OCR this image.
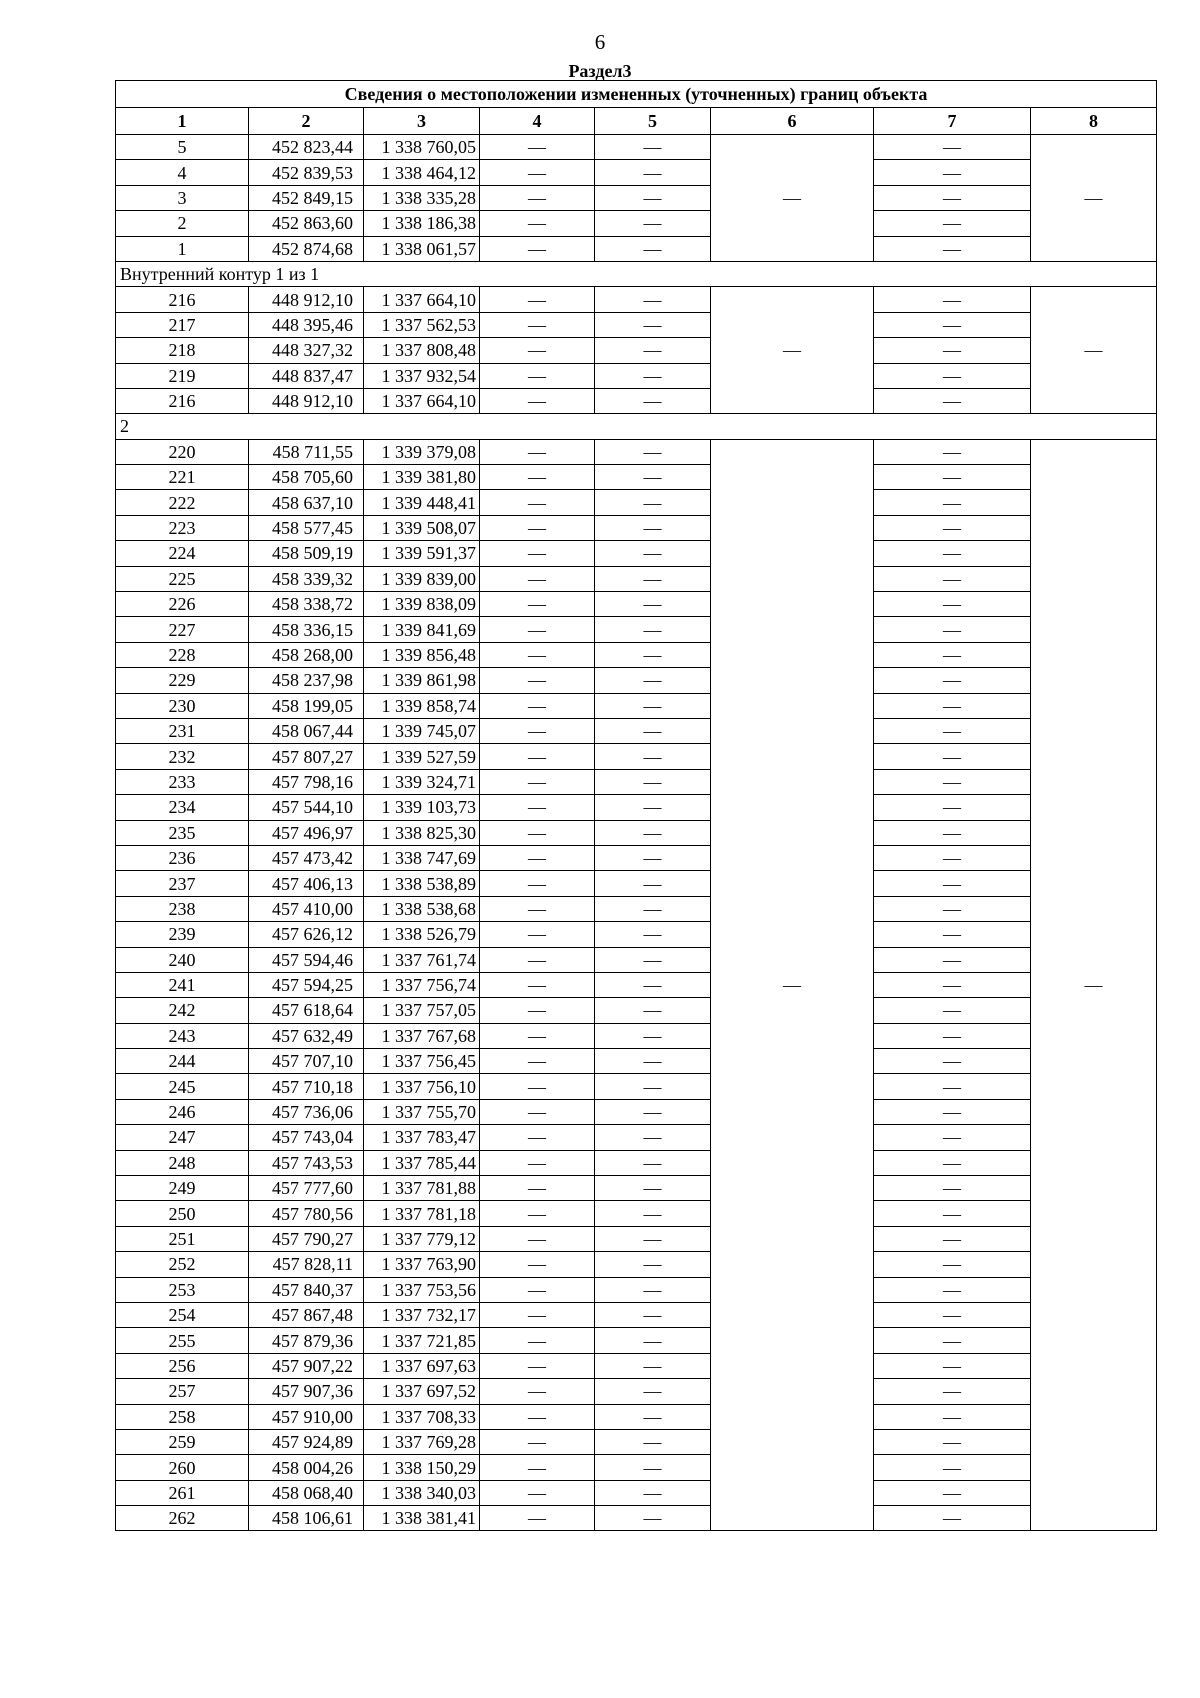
6
Раздел3
Сведения о местоположении измененных (уточненных) границ объекта							
1	2	3	4	5	6	7	8
5	452 823,44	1 338 760,05	—	—	—	—	—
4	452 839,53	1 338 464,12	—	—		—	
3	452 849,15	1 338 335,28	—	—		—	
2	452 863,60	1 338 186,38	—	—		—	
1	452 874,68	1 338 061,57	—	—		—	
Внутренний контур 1 из 1							
216	448 912,10	1 337 664,10	—	—	—	—	—
217	448 395,46	1 337 562,53	—	—		—	
218	448 327,32	1 337 808,48	—	—		—	
219	448 837,47	1 337 932,54	—	—		—	
216	448 912,10	1 337 664,10	—	—		—	
2							
220	458 711,55	1 339 379,08	—	—	—	—	—
221	458 705,60	1 339 381,80	—	—		—	
222	458 637,10	1 339 448,41	—	—		—	
223	458 577,45	1 339 508,07	—	—		—	
224	458 509,19	1 339 591,37	—	—		—	
225	458 339,32	1 339 839,00	—	—		—	
226	458 338,72	1 339 838,09	—	—		—	
227	458 336,15	1 339 841,69	—	—		—	
228	458 268,00	1 339 856,48	—	—		—	
229	458 237,98	1 339 861,98	—	—		—	
230	458 199,05	1 339 858,74	—	—		—	
231	458 067,44	1 339 745,07	—	—		—	
232	457 807,27	1 339 527,59	—	—		—	
233	457 798,16	1 339 324,71	—	—		—	
234	457 544,10	1 339 103,73	—	—		—	
235	457 496,97	1 338 825,30	—	—		—	
236	457 473,42	1 338 747,69	—	—		—	
237	457 406,13	1 338 538,89	—	—		—	
238	457 410,00	1 338 538,68	—	—		—	
239	457 626,12	1 338 526,79	—	—		—	
240	457 594,46	1 337 761,74	—	—		—	
241	457 594,25	1 337 756,74	—	—		—	
242	457 618,64	1 337 757,05	—	—		—	
243	457 632,49	1 337 767,68	—	—		—	
244	457 707,10	1 337 756,45	—	—		—	
245	457 710,18	1 337 756,10	—	—		—	
246	457 736,06	1 337 755,70	—	—		—	
247	457 743,04	1 337 783,47	—	—		—	
248	457 743,53	1 337 785,44	—	—		—	
249	457 777,60	1 337 781,88	—	—		—	
250	457 780,56	1 337 781,18	—	—		—	
251	457 790,27	1 337 779,12	—	—		—	
252	457 828,11	1 337 763,90	—	—		—	
253	457 840,37	1 337 753,56	—	—		—	
254	457 867,48	1 337 732,17	—	—		—	
255	457 879,36	1 337 721,85	—	—		—	
256	457 907,22	1 337 697,63	—	—		—	
257	457 907,36	1 337 697,52	—	—		—	
258	457 910,00	1 337 708,33	—	—		—	
259	457 924,89	1 337 769,28	—	—		—	
260	458 004,26	1 338 150,29	—	—		—	
261	458 068,40	1 338 340,03	—	—		—	
262	458 106,61	1 338 381,41	—	—		—	
